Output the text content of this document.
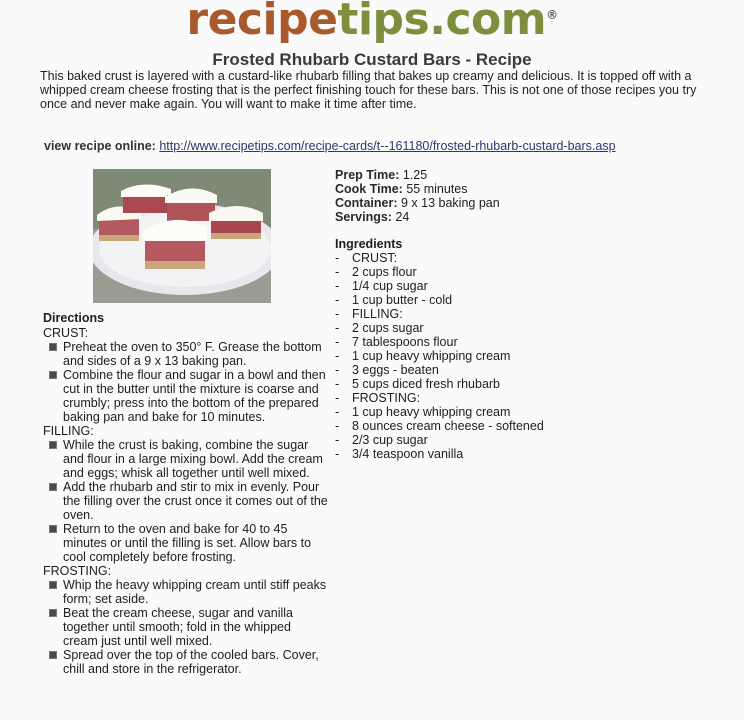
recipetips.com®
Frosted Rhubarb Custard Bars - Recipe
This baked crust is layered with a custard-like rhubarb filling that bakes up creamy and delicious. It is topped off with a whipped cream cheese frosting that is the perfect finishing touch for these bars. This is not one of those recipes you try once and never make again. You will want to make it time after time.
view recipe online: http://www.recipetips.com/recipe-cards/t--161180/frosted-rhubarb-custard-bars.asp
Directions
CRUST:
Preheat the oven to 350° F. Grease the bottom and sides of a 9 x 13 baking pan.
Combine the flour and sugar in a bowl and then cut in the butter until the mixture is coarse and crumbly; press into the bottom of the prepared baking pan and bake for 10 minutes.
FILLING:
While the crust is baking, combine the sugar and flour in a large mixing bowl. Add the cream and eggs; whisk all together until well mixed.
Add the rhubarb and stir to mix in evenly. Pour the filling over the crust once it comes out of the oven.
Return to the oven and bake for 40 to 45 minutes or until the filling is set. Allow bars to cool completely before frosting.
FROSTING:
Whip the heavy whipping cream until stiff peaks form; set aside.
Beat the cream cheese, sugar and vanilla together until smooth; fold in the whipped cream just until well mixed.
Spread over the top of the cooled bars. Cover, chill and store in the refrigerator.
Prep Time: 1.25
Cook Time: 55 minutes
Container: 9 x 13 baking pan
Servings: 24
Ingredients
- CRUST:
- 2 cups flour
- 1/4 cup sugar
- 1 cup butter - cold
- FILLING:
- 2 cups sugar
- 7 tablespoons flour
- 1 cup heavy whipping cream
- 3 eggs - beaten
- 5 cups diced fresh rhubarb
- FROSTING:
- 1 cup heavy whipping cream
- 8 ounces cream cheese - softened
- 2/3 cup sugar
- 3/4 teaspoon vanilla
